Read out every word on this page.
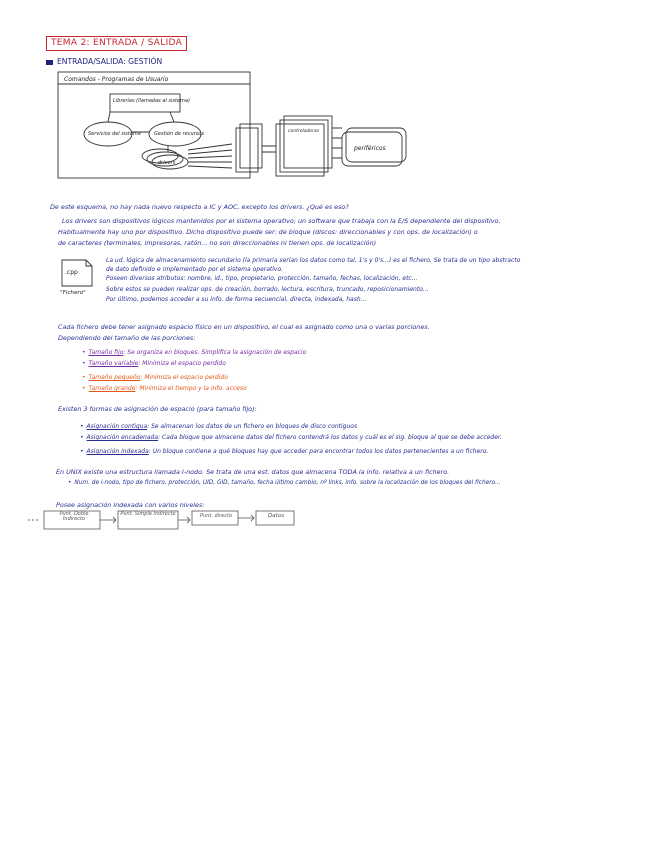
TEMA 2: ENTRADA / SALIDA
ENTRADA/SALIDA: GESTIÓN
Comandos - Programas de Usuario
Librerías (llamadas al sistema)
Servicios del sistema	Gestión de recursos
drivers
controladoras
periféricos
De este esquema, no hay nada nuevo respecto a IC y AOC, excepto los drivers. ¿Qué es eso?
Los drivers son dispositivos lógicos mantenidos por el sistema operativo; un software que trabaja con la E/S dependiente del dispositivo.
Habitualmente hay uno por dispositivo. Dicho dispositivo puede ser: de bloque (discos: direccionables y con ops. de localización) o
de caracteres (terminales, impresoras, ratón... no son direccionables ni tienen ops. de localización)
.cpp
"Fichero"
La ud. lógica de almacenamiento secundario (la primaria serían los datos como tal, 1's y 0's...) es el fichero. Se trata de un tipo abstracto
de dato definido e implementado por el sistema operativo.
Poseen diversos atributos: nombre, id., tipo, propietario, protección, tamaño, fechas, localización, etc...
Sobre estos se pueden realizar ops. de creación, borrado, lectura, escritura, truncado, reposicionamiento...
Por último, podemos acceder a su info. de forma secuencial, directa, indexada, hash...
Cada fichero debe tener asignado espacio físico en un dispositivo, el cual es asignado como una o varias porciones.
Dependiendo del tamaño de las porciones:
• Tamaño fijo: Se organiza en bloques. Simplifica la asignación de espacio
• Tamaño variable: Minimiza el espacio perdido
• Tamaño pequeño: Minimiza el espacio perdido
• Tamaño grande: Minimiza el tiempo y la info. acceso
Existen 3 formas de asignación de espacio (para tamaño fijo):
• Asignación contigua: Se almacenan los datos de un fichero en bloques de disco contiguos
• Asignación encadenada: Cada bloque que almacene datos del fichero contendrá los datos y cuál es el sig. bloque al que se debe acceder.
• Asignación indexada: Un bloque contiene a qué bloques hay que acceder para encontrar todos los datos pertenecientes a un fichero.
En UNIX existe una estructura llamada I-nodo. Se trata de una est. datos que almacena TODA la info. relativa a un fichero.
• Num. de i-nodo, tipo de fichero, protección, UID, GID, tamaño, fecha último cambio, nº links, info. sobre la localización de los bloques del fichero...
Posee asignación indexada con varios niveles:
Punt. Doble Indirecto
Punt. Simple Indirecto	Punt. directo	Datos
